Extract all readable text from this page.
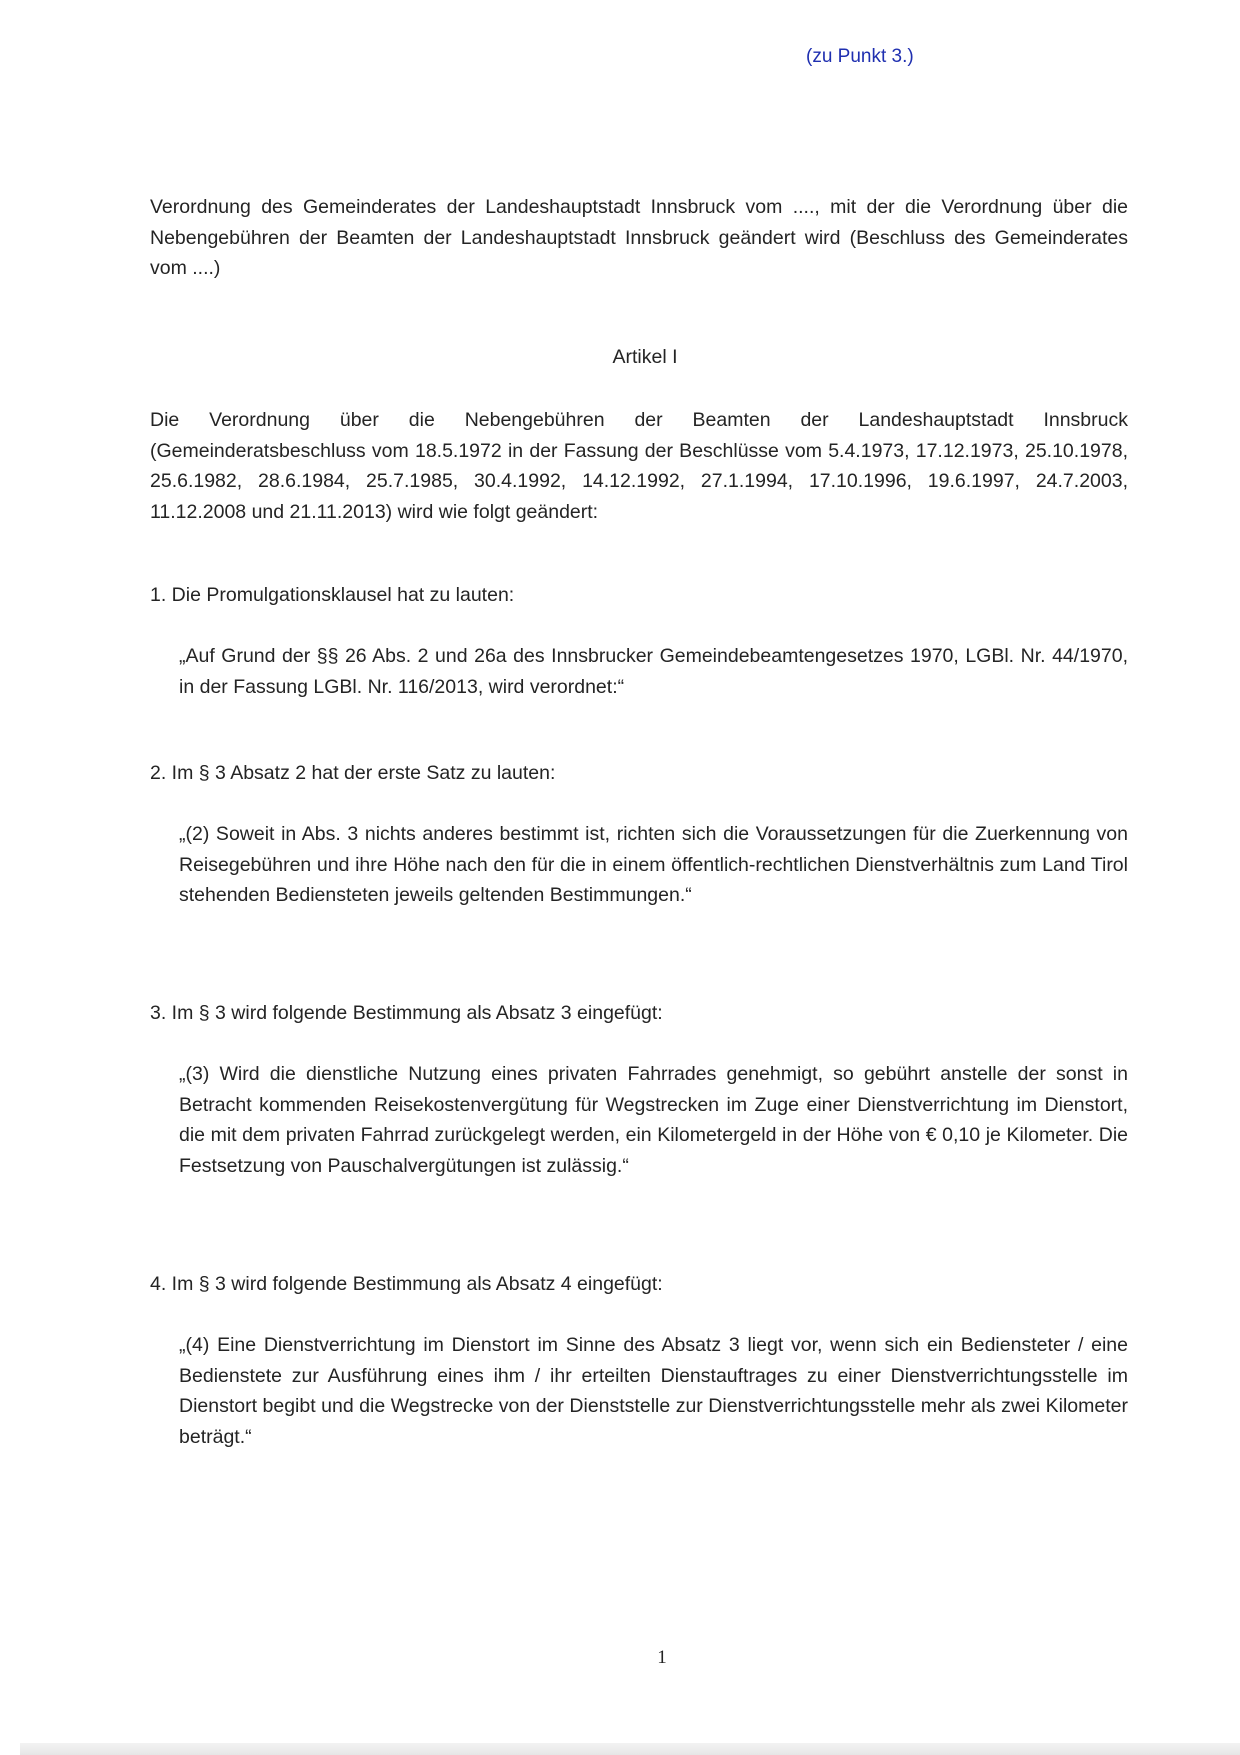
(zu Punkt 3.)
Verordnung des Gemeinderates der Landeshauptstadt Innsbruck vom ...., mit der die Verordnung über die Nebengebühren der Beamten der Landeshauptstadt Innsbruck geändert wird (Beschluss des Gemeinderates vom ....)
Artikel I
Die Verordnung über die Nebengebühren der Beamten der Landeshauptstadt Innsbruck (Gemeinderatsbeschluss vom 18.5.1972 in der Fassung der Beschlüsse vom 5.4.1973, 17.12.1973, 25.10.1978, 25.6.1982, 28.6.1984, 25.7.1985, 30.4.1992, 14.12.1992, 27.1.1994, 17.10.1996, 19.6.1997, 24.7.2003, 11.12.2008 und 21.11.2013) wird wie folgt geändert:
1. Die Promulgationsklausel hat zu lauten:
„Auf Grund der §§ 26 Abs. 2 und 26a des Innsbrucker Gemeindebeamtengesetzes 1970, LGBl. Nr. 44/1970, in der Fassung LGBl. Nr. 116/2013, wird verordnet:“
2. Im § 3 Absatz 2 hat der erste Satz zu lauten:
„(2) Soweit in Abs. 3 nichts anderes bestimmt ist, richten sich die Voraussetzungen für die Zuerkennung von Reisegebühren und ihre Höhe nach den für die in einem öffentlich-rechtlichen Dienstverhältnis zum Land Tirol stehenden Bediensteten jeweils geltenden Bestimmungen.“
3. Im § 3 wird folgende Bestimmung als Absatz 3 eingefügt:
„(3) Wird die dienstliche Nutzung eines privaten Fahrrades genehmigt, so gebührt anstelle der sonst in Betracht kommenden Reisekostenvergütung für Wegstrecken im Zuge einer Dienstverrichtung im Dienstort, die mit dem privaten Fahrrad zurückgelegt werden, ein Kilometergeld in der Höhe von € 0,10 je Kilometer. Die Festsetzung von Pauschalvergütungen ist zulässig.“
4. Im § 3 wird folgende Bestimmung als Absatz 4 eingefügt:
„(4) Eine Dienstverrichtung im Dienstort im Sinne des Absatz 3 liegt vor, wenn sich ein Bediensteter / eine Bedienstete zur Ausführung eines ihm / ihr erteilten Dienstauftrages zu einer Dienstverrichtungsstelle im Dienstort begibt und die Wegstrecke von der Dienststelle zur Dienstverrichtungsstelle mehr als zwei Kilometer beträgt.“
1
